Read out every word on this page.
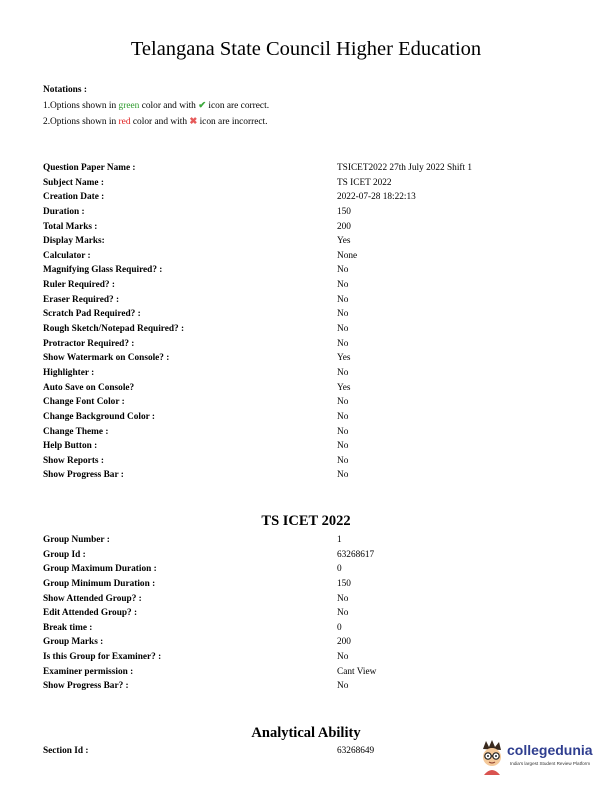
Telangana State Council Higher Education
Notations :
1.Options shown in green color and with ✔ icon are correct.
2.Options shown in red color and with ✖ icon are incorrect.
Question Paper Name :	TSICET2022 27th July 2022 Shift 1
Subject Name :	TS ICET 2022
Creation Date :	2022-07-28 18:22:13
Duration :	150
Total Marks :	200
Display Marks:	Yes
Calculator :	None
Magnifying Glass Required? :	No
Ruler Required? :	No
Eraser Required? :	No
Scratch Pad Required? :	No
Rough Sketch/Notepad Required? :	No
Protractor Required? :	No
Show Watermark on Console? :	Yes
Highlighter :	No
Auto Save on Console?	Yes
Change Font Color :	No
Change Background Color :	No
Change Theme :	No
Help Button :	No
Show Reports :	No
Show Progress Bar :	No
TS ICET 2022
Group Number :	1
Group Id :	63268617
Group Maximum Duration :	0
Group Minimum Duration :	150
Show Attended Group? :	No
Edit Attended Group? :	No
Break time :	0
Group Marks :	200
Is this Group for Examiner? :	No
Examiner permission :	Cant View
Show Progress Bar? :	No
Analytical Ability
Section Id :	63268649	collegedunia
India's largest Student Review Platform
